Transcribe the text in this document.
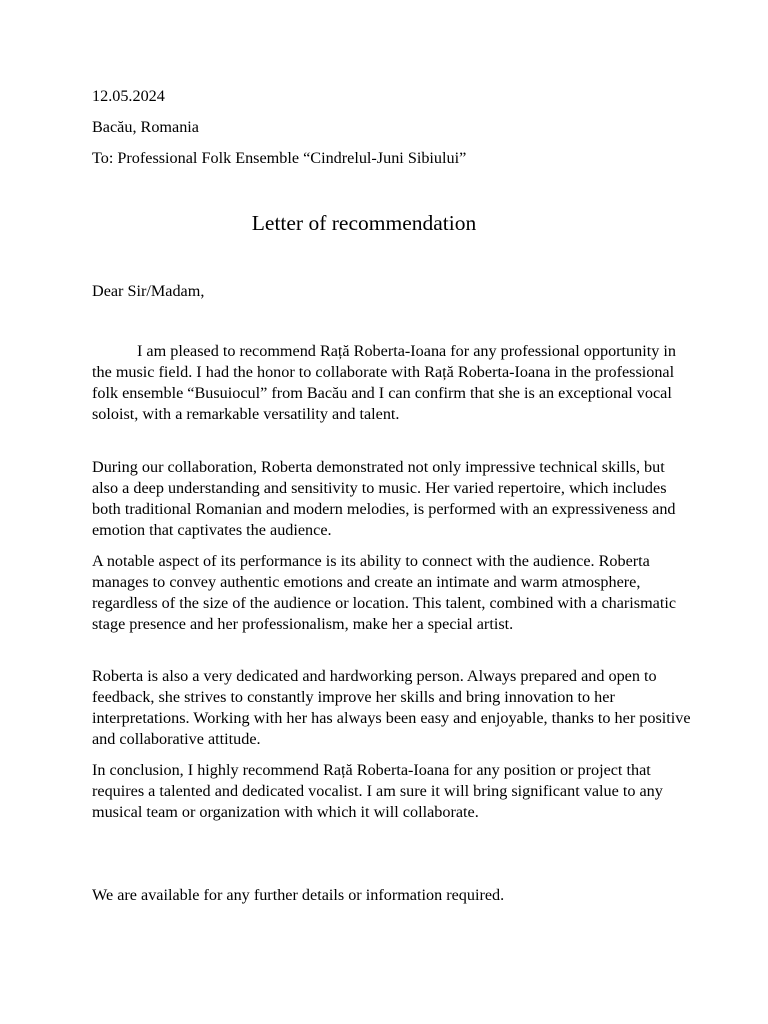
12.05.2024
Bacău, Romania
To: Professional Folk Ensemble “Cindrelul-Juni Sibiului”
Letter of recommendation
Dear Sir/Madam,

I am pleased to recommend Rață Roberta-Ioana for any professional opportunity in the music field. I had the honor to collaborate with Rață Roberta-Ioana in the professional folk ensemble “Busuiocul” from Bacău and I can confirm that she is an exceptional vocal soloist, with a remarkable versatility and talent.

During our collaboration, Roberta demonstrated not only impressive technical skills, but also a deep understanding and sensitivity to music. Her varied repertoire, which includes both traditional Romanian and modern melodies, is performed with an expressiveness and emotion that captivates the audience.

A notable aspect of its performance is its ability to connect with the audience. Roberta manages to convey authentic emotions and create an intimate and warm atmosphere, regardless of the size of the audience or location. This talent, combined with a charismatic stage presence and her professionalism, make her a special artist.

Roberta is also a very dedicated and hardworking person. Always prepared and open to feedback, she strives to constantly improve her skills and bring innovation to her interpretations. Working with her has always been easy and enjoyable, thanks to her positive and collaborative attitude.

In conclusion, I highly recommend Rață Roberta-Ioana for any position or project that requires a talented and dedicated vocalist. I am sure it will bring significant value to any musical team or organization with which it will collaborate.

We are available for any further details or information required.
